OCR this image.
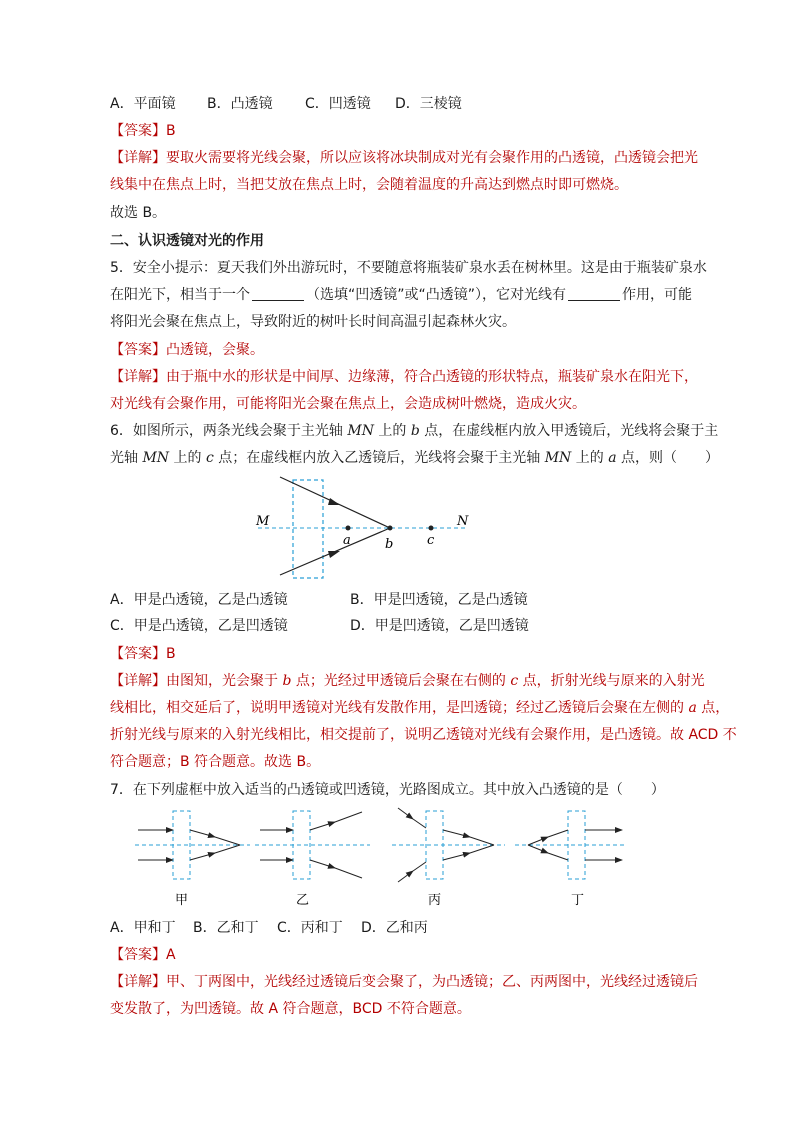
A．平面镜 B．凸透镜 C．凹透镜 D．三棱镜
【答案】B
【详解】要取火需要将光线会聚，所以应该将冰块制成对光有会聚作用的凸透镜，凸透镜会把光
线集中在焦点上时，当把艾放在焦点上时，会随着温度的升高达到燃点时即可燃烧。
故选 B。
二、认识透镜对光的作用
5．安全小提示：夏天我们外出游玩时，不要随意将瓶装矿泉水丢在树林里。这是由于瓶装矿泉水
在阳光下，相当于一个	（选填“凹透镜”或“凸透镜”），它对光线有	作用，可能
将阳光会聚在焦点上，导致附近的树叶长时间高温引起森林火灾。
【答案】凸透镜，会聚。
【详解】由于瓶中水的形状是中间厚、边缘薄，符合凸透镜的形状特点，瓶装矿泉水在阳光下，
对光线有会聚作用，可能将阳光会聚在焦点上，会造成树叶燃烧，造成火灾。
6．如图所示，两条光线会聚于主光轴 MN 上的 b 点，在虚线框内放入甲透镜后，光线将会聚于主
光轴 MN 上的 c 点；在虚线框内放入乙透镜后，光线将会聚于主光轴 MN 上的 a 点，则（　　）
M	N
a	b	c
A．甲是凸透镜，乙是凸透镜	B．甲是凹透镜，乙是凸透镜
C．甲是凸透镜，乙是凹透镜	D．甲是凹透镜，乙是凹透镜
【答案】B
【详解】由图知，光会聚于 b 点；光经过甲透镜后会聚在右侧的 c 点，折射光线与原来的入射光
线相比，相交延后了，说明甲透镜对光线有发散作用，是凹透镜；经过乙透镜后会聚在左侧的 a 点，
折射光线与原来的入射光线相比，相交提前了，说明乙透镜对光线有会聚作用，是凸透镜。故 ACD 不
符合题意；B 符合题意。故选 B。
7．在下列虚框中放入适当的凸透镜或凹透镜，光路图成立。其中放入凸透镜的是（　　）
甲	乙	丙	丁
A．甲和丁 B．乙和丁 C．丙和丁 D．乙和丙
【答案】A
【详解】甲、丁两图中，光线经过透镜后变会聚了，为凸透镜；乙、丙两图中，光线经过透镜后
变发散了，为凹透镜。故 A 符合题意，BCD 不符合题意。
